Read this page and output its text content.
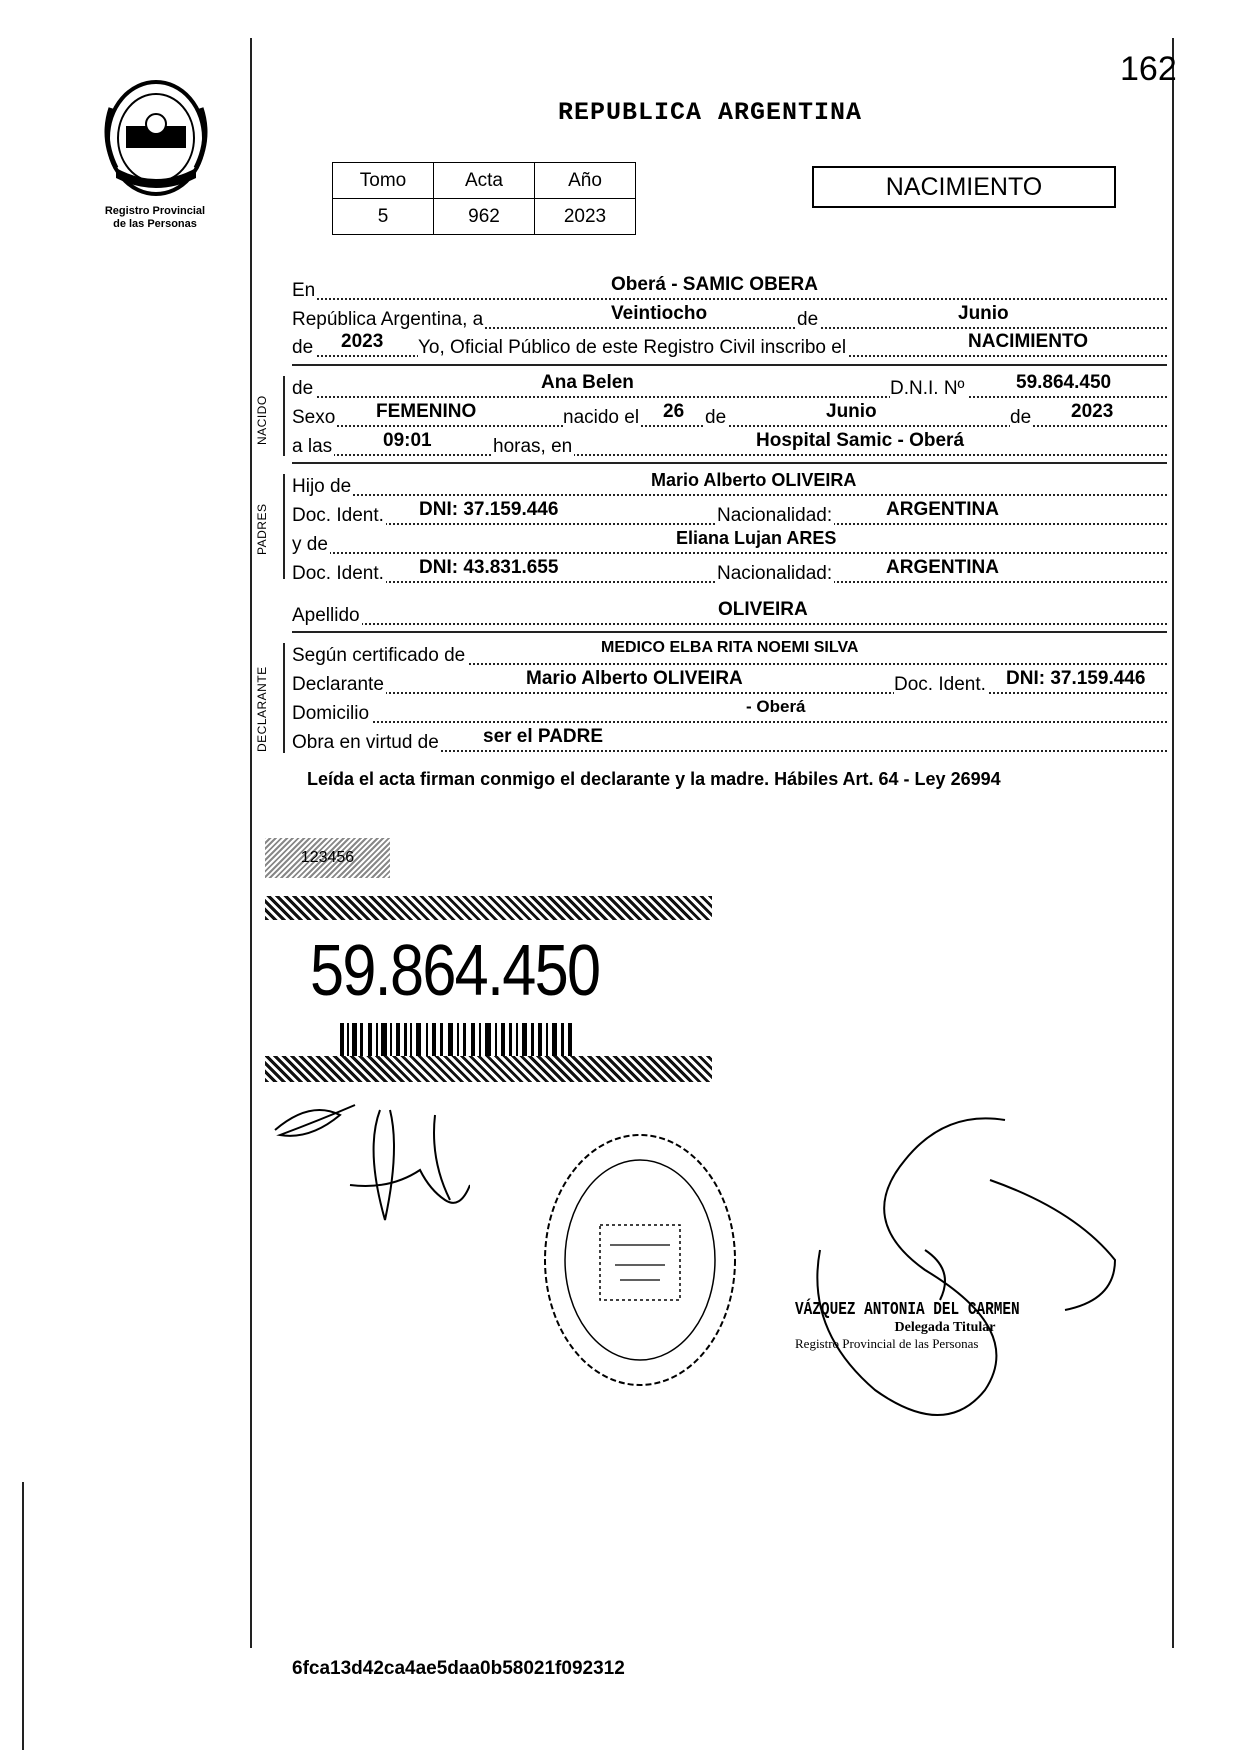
162
Registro Provincial
de las Personas
REPUBLICA ARGENTINA
Tomo	Acta	Año
5	962	2023
NACIMIENTO
En	Oberá - SAMIC OBERA
República Argentina, a	Veintiocho	de	Junio
de 2023 Yo, Oficial Público de este Registro Civil inscribo el	NACIMIENTO
NACIDO
de	Ana Belen	D.N.I. Nº	59.864.450
Sexo FEMENINO	nacido el 26 de	Junio	de 2023
a las	09:01	horas, en	Hospital Samic - Oberá
PADRES
Hijo de	Mario Alberto OLIVEIRA
Doc. Ident. DNI: 37.159.446	Nacionalidad:	ARGENTINA
y de	Eliana Lujan ARES
Doc. Ident. DNI: 43.831.655	Nacionalidad:	ARGENTINA
Apellido	OLIVEIRA
DECLARANTE
Según certificado de	MEDICO ELBA RITA NOEMI SILVA
Declarante	Mario Alberto OLIVEIRA	Doc. Ident. DNI: 37.159.446
Domicilio	- Oberá
Obra en virtud de ser el PADRE
Leída el acta firman conmigo el declarante y la madre. Hábiles Art. 64 - Ley 26994
123456
59.864.450
VÁZQUEZ ANTONIA DEL CARMEN
Delegada Titular
Registro Provincial de las Personas
6fca13d42ca4ae5daa0b58021f092312
